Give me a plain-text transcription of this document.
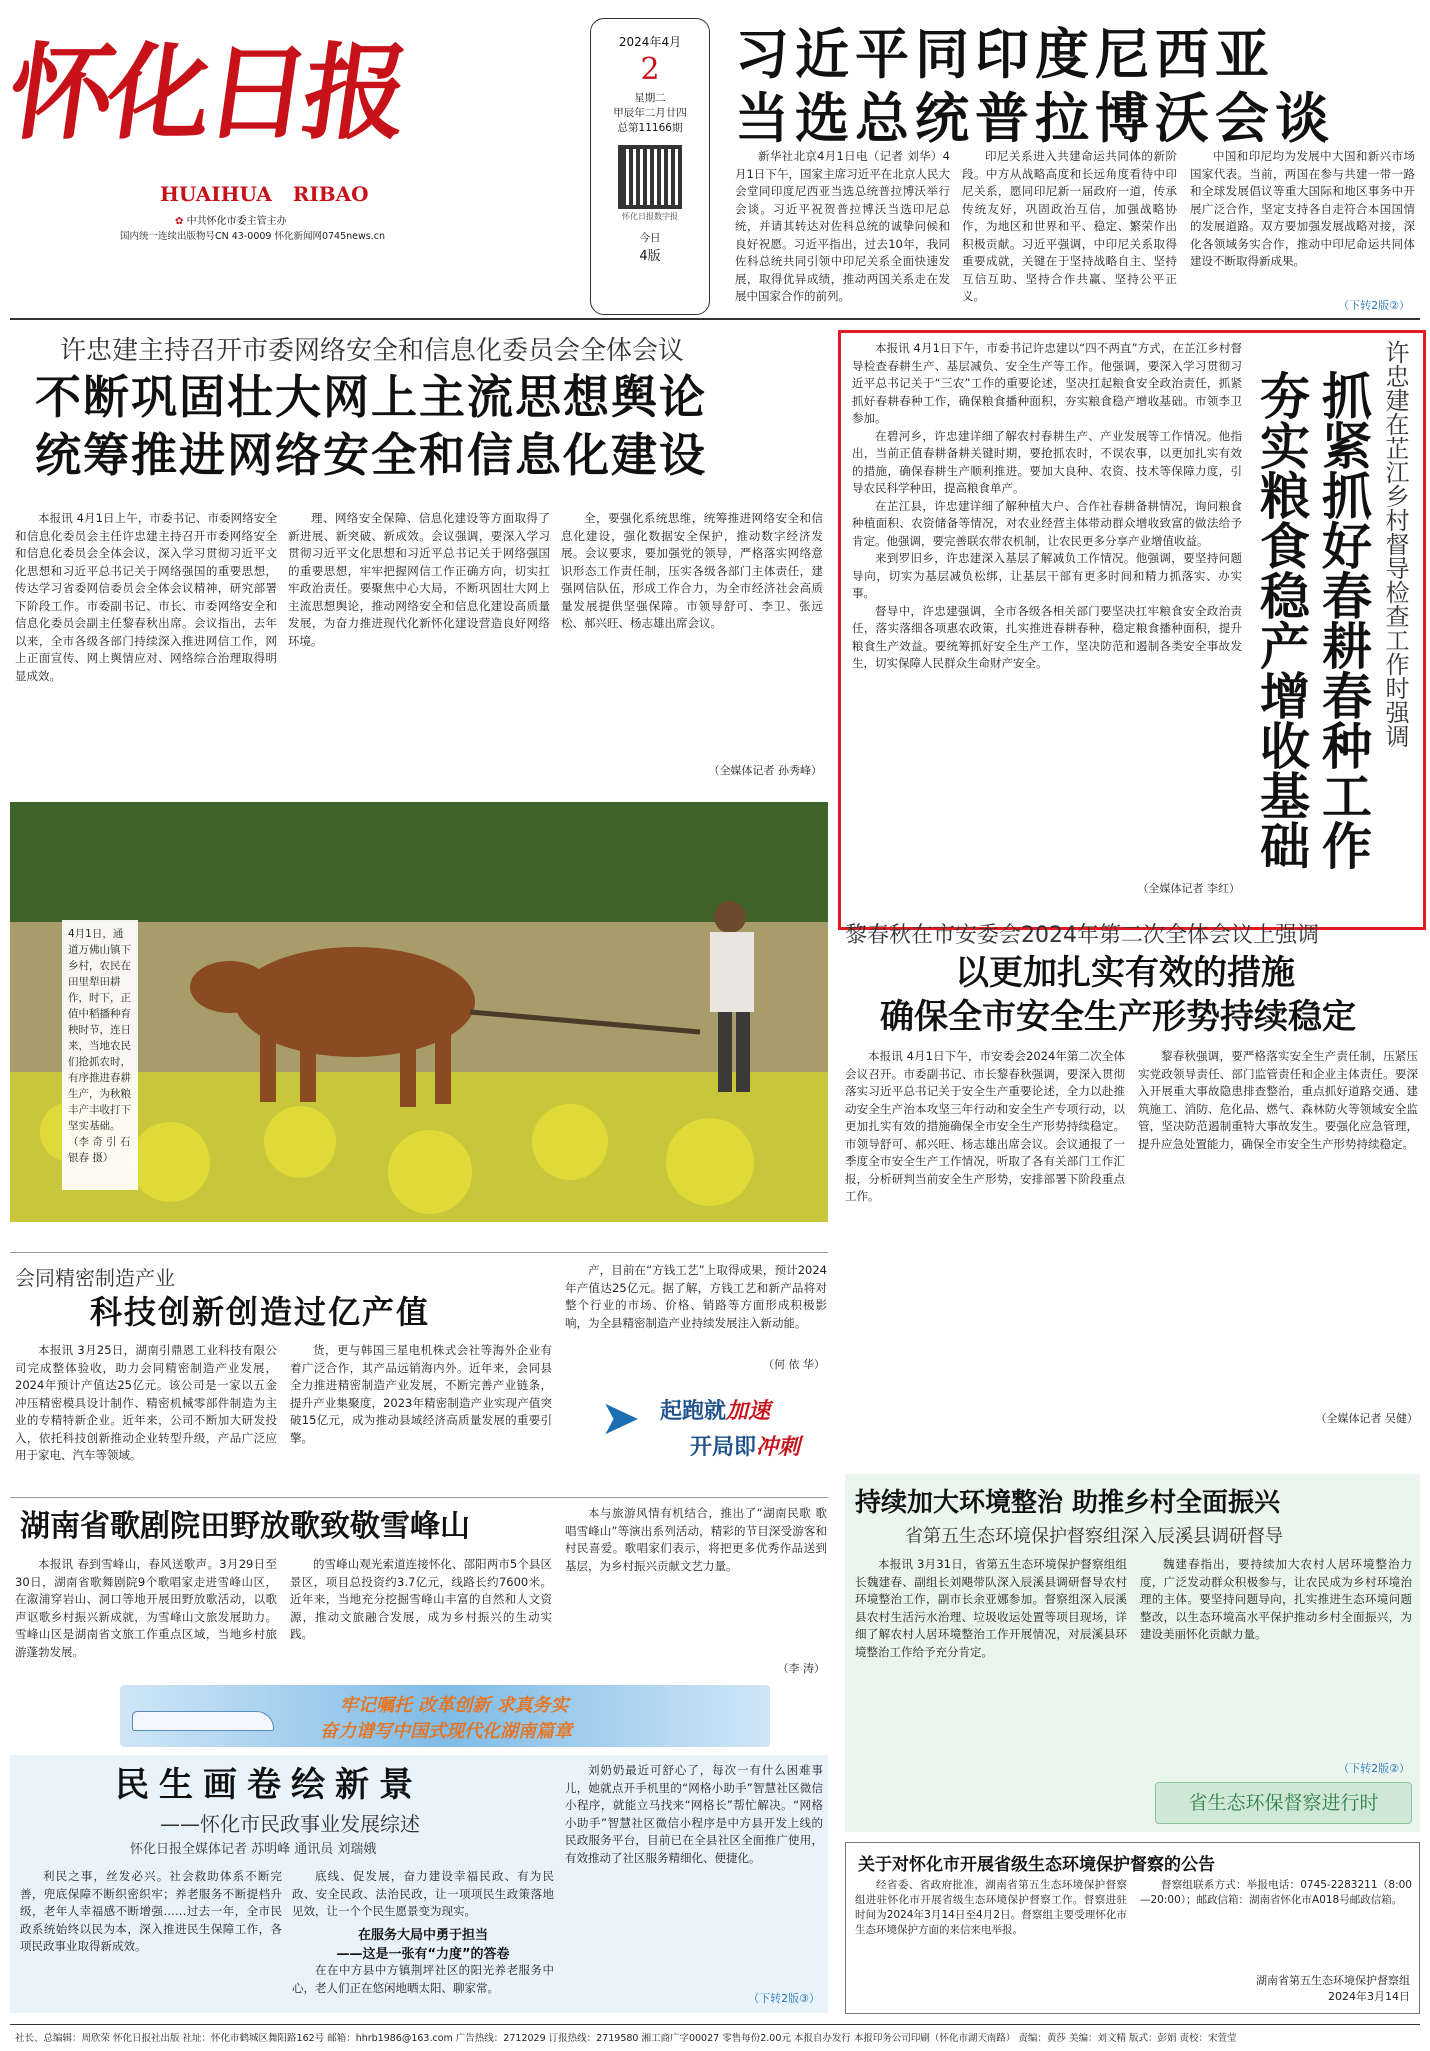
怀化日报
HUAIHUA   RIBAO
✿ 中共怀化市委主管主办
国内统一连续出版物号CN 43-0009 怀化新闻网0745news.cn
2024年4月
2
星期二
甲辰年二月廿四
总第11166期
怀化日报数字报
今日
4版
习近平同印度尼西亚
当选总统普拉博沃会谈

新华社北京4月1日电（记者 刘华）4月1日下午，国家主席习近平在北京人民大会堂同印度尼西亚当选总统普拉博沃举行会谈。习近平祝贺普拉博沃当选印尼总统，并请其转达对佐科总统的诚挚问候和良好祝愿。习近平指出，过去10年，我同佐科总统共同引领中印尼关系全面快速发展，取得优异成绩，推动两国关系走在发展中国家合作的前列。

印尼关系进入共建命运共同体的新阶段。中方从战略高度和长远角度看待中印尼关系，愿同印尼新一届政府一道，传承传统友好，巩固政治互信，加强战略协作，为地区和世界和平、稳定、繁荣作出积极贡献。习近平强调，中印尼关系取得重要成就，关键在于坚持战略自主、坚持互信互助、坚持合作共赢、坚持公平正义。

中国和印尼均为发展中大国和新兴市场国家代表。当前，两国在参与共建一带一路和全球发展倡议等重大国际和地区事务中开展广泛合作，坚定支持各自走符合本国国情的发展道路。双方要加强发展战略对接，深化各领域务实合作，推动中印尼命运共同体建设不断取得新成果。

（下转2版②）
许忠建主持召开市委网络安全和信息化委员会全体会议
不断巩固壮大网上主流思想舆论
统筹推进网络安全和信息化建设

本报讯 4月1日上午，市委书记、市委网络安全和信息化委员会主任许忠建主持召开市委网络安全和信息化委员会全体会议，深入学习贯彻习近平文化思想和习近平总书记关于网络强国的重要思想，传达学习省委网信委员会全体会议精神，研究部署下阶段工作。市委副书记、市长、市委网络安全和信息化委员会副主任黎春秋出席。会议指出，去年以来，全市各级各部门持续深入推进网信工作，网上正面宣传、网上舆情应对、网络综合治理取得明显成效。

理、网络安全保障、信息化建设等方面取得了新进展、新突破、新成效。会议强调，要深入学习贯彻习近平文化思想和习近平总书记关于网络强国的重要思想，牢牢把握网信工作正确方向，切实扛牢政治责任。要聚焦中心大局，不断巩固壮大网上主流思想舆论，推动网络安全和信息化建设高质量发展，为奋力推进现代化新怀化建设营造良好网络环境。

全，要强化系统思维，统筹推进网络安全和信息化建设，强化数据安全保护，推动数字经济发展。会议要求，要加强党的领导，严格落实网络意识形态工作责任制，压实各级各部门主体责任，建强网信队伍，形成工作合力，为全市经济社会高质量发展提供坚强保障。市领导舒可、李卫、张远松、郝兴旺、杨志雄出席会议。

（全媒体记者 孙秀峰）

本报讯 4月1日下午，市委书记许忠建以“四不两直”方式，在芷江乡村督导检查春耕生产、基层减负、安全生产等工作。他强调，要深入学习贯彻习近平总书记关于“三农”工作的重要论述，坚决扛起粮食安全政治责任，抓紧抓好春耕春种工作，确保粮食播种面积，夯实粮食稳产增收基础。市领李卫参加。

在碧河乡，许忠建详细了解农村春耕生产、产业发展等工作情况。他指出，当前正值春耕备耕关键时期，要抢抓农时，不误农事，以更加扎实有效的措施，确保春耕生产顺利推进。要加大良种、农资、技术等保障力度，引导农民科学种田，提高粮食单产。

在芷江县，许忠建详细了解种植大户、合作社春耕备耕情况，询问粮食种植面积、农资储备等情况，对农业经营主体带动群众增收致富的做法给予肯定。他强调，要完善联农带农机制，让农民更多分享产业增值收益。

来到罗旧乡，许忠建深入基层了解减负工作情况。他强调，要坚持问题导向，切实为基层减负松绑，让基层干部有更多时间和精力抓落实、办实事。

督导中，许忠建强调，全市各级各相关部门要坚决扛牢粮食安全政治责任，落实落细各项惠农政策，扎实推进春耕春种，稳定粮食播种面积，提升粮食生产效益。要统筹抓好安全生产工作，坚决防范和遏制各类安全事故发生，切实保障人民群众生命财产安全。

（全媒体记者 李红）
夯实粮食稳产增收基础 抓紧抓好春耕春种工作 许忠建在芷江乡村督导检查工作时强调

4月1日，通道万佛山镇下乡村，农民在田里犁田耕作，时下，正值中稻播种育秧时节，连日来，当地农民们抢抓农时，有序推进春耕生产，为秋粮丰产丰收打下坚实基础。

（李 奇 引 石银春 摄）

黎春秋在市安委会2024年第二次全体会议上强调
以更加扎实有效的措施
确保全市安全生产形势持续稳定

本报讯 4月1日下午，市安委会2024年第二次全体会议召开。市委副书记、市长黎春秋强调，要深入贯彻落实习近平总书记关于安全生产重要论述，全力以赴推动安全生产治本攻坚三年行动和安全生产专项行动，以更加扎实有效的措施确保全市安全生产形势持续稳定。市领导舒可、郝兴旺、杨志雄出席会议。会议通报了一季度全市安全生产工作情况，听取了各有关部门工作汇报，分析研判当前安全生产形势，安排部署下阶段重点工作。

黎春秋强调，要严格落实安全生产责任制，压紧压实党政领导责任、部门监管责任和企业主体责任。要深入开展重大事故隐患排查整治，重点抓好道路交通、建筑施工、消防、危化品、燃气、森林防火等领域安全监管，坚决防范遏制重特大事故发生。要强化应急管理，提升应急处置能力，确保全市安全生产形势持续稳定。

（全媒体记者 吴健）
会同精密制造产业
科技创新创造过亿产值

本报讯 3月25日，湖南引鼎恩工业科技有限公司完成整体验收，助力会同精密制造产业发展，2024年预计产值达25亿元。该公司是一家以五金冲压精密模具设计制作、精密机械零部件制造为主业的专精特新企业。近年来，公司不断加大研发投入，依托科技创新推动企业转型升级，产品广泛应用于家电、汽车等领域。

货，更与韩国三星电机株式会社等海外企业有着广泛合作，其产品远销海内外。近年来，会同县全力推进精密制造产业发展，不断完善产业链条，提升产业集聚度，2023年精密制造产业实现产值突破15亿元，成为推动县域经济高质量发展的重要引擎。

产，目前在“方钱工艺”上取得成果，预计2024年产值达25亿元。据了解，方钱工艺和新产品将对整个行业的市场、价格、销路等方面形成积极影响，为全县精密制造产业持续发展注入新动能。

（何 依 华）
➤ 起跑就加速
开局即冲刺
湖南省歌剧院田野放歌致敬雪峰山

本报讯 春到雪峰山，春风送歌声。3月29日至30日，湖南省歌舞剧院9个歌唱家走进雪峰山区，在溆浦穿岩山、洞口等地开展田野放歌活动，以歌声讴歌乡村振兴新成就，为雪峰山文旅发展助力。雪峰山区是湖南省文旅工作重点区域，当地乡村旅游蓬勃发展。

的雪峰山观光索道连接怀化、邵阳两市5个县区景区，项目总投资约3.7亿元，线路长约7600米。近年来，当地充分挖掘雪峰山丰富的自然和人文资源，推动文旅融合发展，成为乡村振兴的生动实践。

本与旅游风情有机结合，推出了“湖南民歌 歌唱雪峰山”等演出系列活动，精彩的节目深受游客和村民喜爱。歌唱家们表示，将把更多优秀作品送到基层，为乡村振兴贡献文艺力量。

（李 涛）
牢记嘱托 改革创新 求真务实
奋力谱写中国式现代化湖南篇章
民生画卷绘新景
——怀化市民政事业发展综述
怀化日报全媒体记者 苏明峰 通讯员 刘瑞娥

利民之事，丝发必兴。社会救助体系不断完善，兜底保障不断织密织牢；养老服务不断提档升级，老年人幸福感不断增强……过去一年，全市民政系统始终以民为本，深入推进民生保障工作，各项民政事业取得新成效。

底线、促发展，奋力建设幸福民政、有为民政、安全民政、法治民政，让一项项民生政策落地见效，让一个个民生愿景变为现实。

在服务大局中勇于担当
——这是一张有“力度”的答卷

在在中方县中方镇荆坪社区的阳光养老服务中心，老人们正在悠闲地晒太阳、聊家常。

刘奶奶最近可舒心了，每次一有什么困难事儿，她就点开手机里的“网格小助手”智慧社区微信小程序，就能立马找来“网格长”帮忙解决。“网格小助手”智慧社区微信小程序是中方县开发上线的民政服务平台，目前已在全县社区全面推广使用，有效推动了社区服务精细化、便捷化。

（下转2版③）
持续加大环境整治 助推乡村全面振兴
省第五生态环境保护督察组深入辰溪县调研督导

本报讯 3月31日，省第五生态环境保护督察组组长魏建春、副组长刘飓带队深入辰溪县调研督导农村环境整治工作，副市长余亚娜参加。督察组深入辰溪县农村生活污水治理、垃圾收运处置等项目现场，详细了解农村人居环境整治工作开展情况，对辰溪县环境整治工作给予充分肯定。

魏建春指出，要持续加大农村人居环境整治力度，广泛发动群众积极参与，让农民成为乡村环境治理的主体。要坚持问题导向，扎实推进生态环境问题整改，以生态环境高水平保护推动乡村全面振兴，为建设美丽怀化贡献力量。

（下转2版②）
省生态环保督察进行时
关于对怀化市开展省级生态环境保护督察的公告

经省委、省政府批准，湖南省第五生态环境保护督察组进驻怀化市开展省级生态环境保护督察工作。督察进驻时间为2024年3月14日至4月2日。督察组主要受理怀化市生态环境保护方面的来信来电举报。

督察组联系方式：举报电话：0745-2283211（8:00—20:00）；邮政信箱：湖南省怀化市A018号邮政信箱。

湖南省第五生态环境保护督察组
2024年3月14日
社长、总编辑：周欣荣 怀化日报社出版 社址：怀化市鹤城区舞阳路162号 邮箱：hhrb1986@163.com 广告热线：2712029 订报热线：2719580 湘工商广字00027 零售每份2.00元 本报自办发行 本报印务公司印刷（怀化市湖天南路） 责编：黄莎 美编：刘文精 版式：彭娟 责校：宋萱莹
